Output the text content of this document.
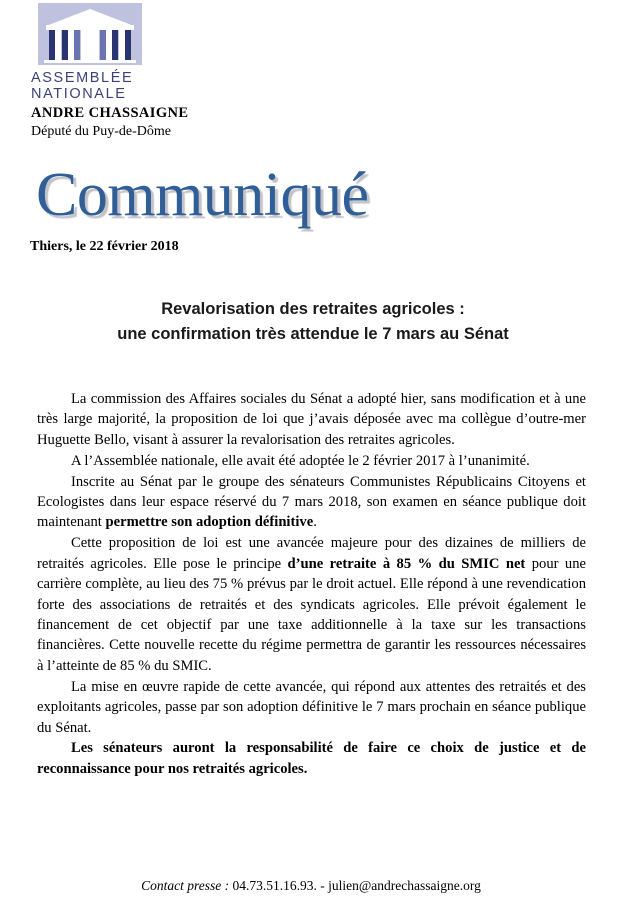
ASSEMBLÉE
NATIONALE
ANDRE CHASSAIGNE
Député du Puy-de-Dôme
Communiqué
Thiers, le 22 février 2018
Revalorisation des retraites agricoles :
une confirmation très attendue le 7 mars au Sénat

La commission des Affaires sociales du Sénat a adopté hier, sans modification et à une très large majorité, la proposition de loi que j’avais déposée avec ma collègue d’outre-mer Huguette Bello, visant à assurer la revalorisation des retraites agricoles.

A l’Assemblée nationale, elle avait été adoptée le 2 février 2017 à l’unanimité.

Inscrite au Sénat par le groupe des sénateurs Communistes Républicains Citoyens et Ecologistes dans leur espace réservé du 7 mars 2018, son examen en séance publique doit maintenant permettre son adoption définitive.

Cette proposition de loi est une avancée majeure pour des dizaines de milliers de retraités agricoles. Elle pose le principe d’une retraite à 85 % du SMIC net pour une carrière complète, au lieu des 75 % prévus par le droit actuel. Elle répond à une revendication forte des associations de retraités et des syndicats agricoles. Elle prévoit également le financement de cet objectif par une taxe additionnelle à la taxe sur les transactions financières. Cette nouvelle recette du régime permettra de garantir les ressources nécessaires à l’atteinte de 85 % du SMIC.

La mise en œuvre rapide de cette avancée, qui répond aux attentes des retraités et des exploitants agricoles, passe par son adoption définitive le 7 mars prochain en séance publique du Sénat.

Les sénateurs auront la responsabilité de faire ce choix de justice et de reconnaissance pour nos retraités agricoles.

Contact presse : 04.73.51.16.93. - julien@andrechassaigne.org
